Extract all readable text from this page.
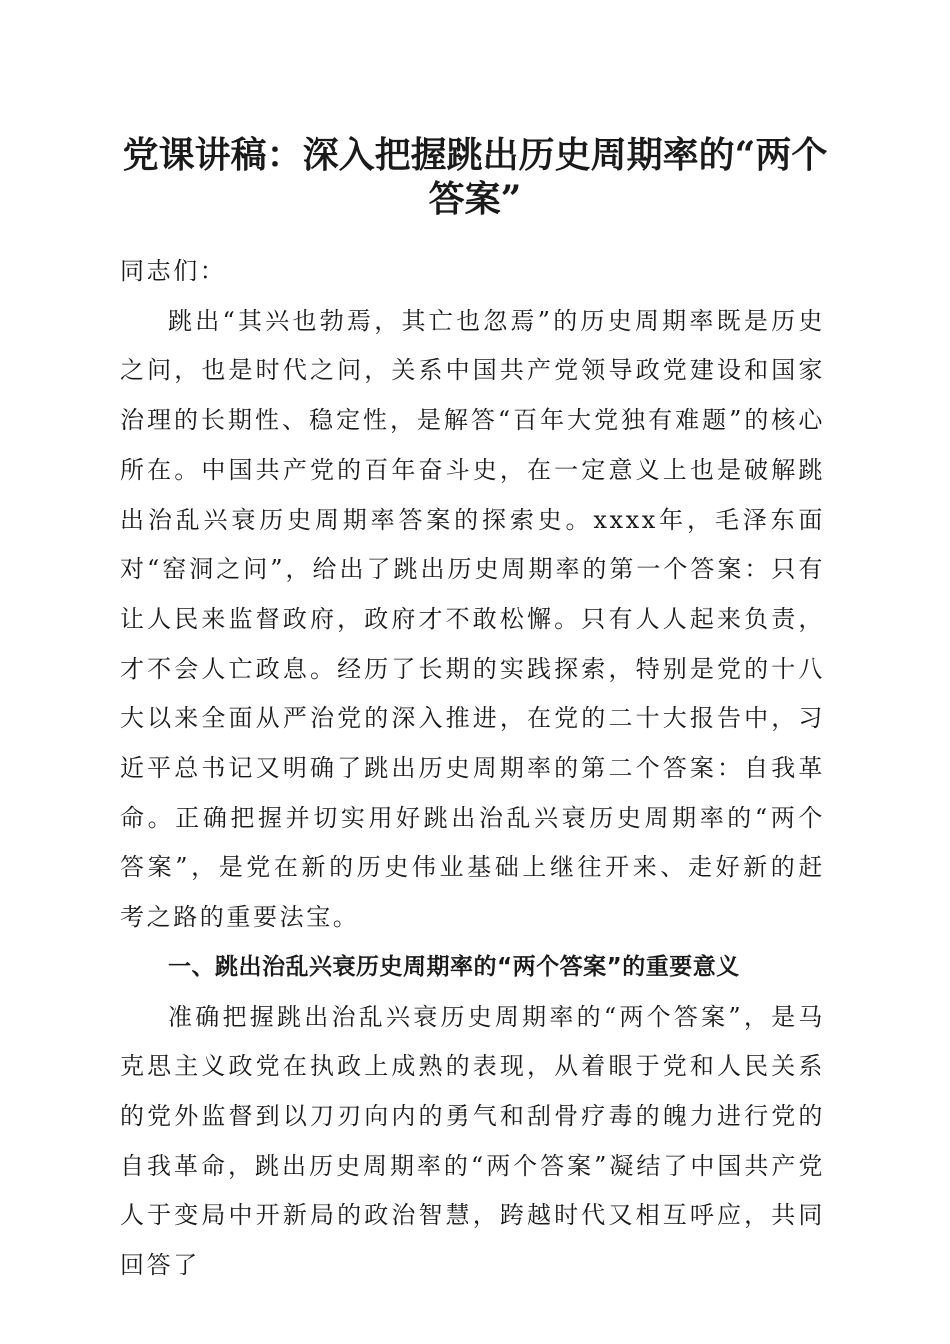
党课讲稿：深入把握跳出历史周期率的“两个
答案”

同志们：

跳出“其兴也勃焉，其亡也忽焉”的历史周期率既是历史之问，也是时代之问，关系中国共产党领导政党建设和国家治理的长期性、稳定性，是解答“百年大党独有难题”的核心所在。中国共产党的百年奋斗史，在一定意义上也是破解跳出治乱兴衰历史周期率答案的探索史。xxxx年，毛泽东面对“窑洞之问”，给出了跳出历史周期率的第一个答案：只有让人民来监督政府，政府才不敢松懈。只有人人起来负责，才不会人亡政息。经历了长期的实践探索，特别是党的十八大以来全面从严治党的深入推进，在党的二十大报告中，习近平总书记又明确了跳出历史周期率的第二个答案：自我革命。正确把握并切实用好跳出治乱兴衰历史周期率的“两个答案”，是党在新的历史伟业基础上继往开来、走好新的赶考之路的重要法宝。

一、跳出治乱兴衰历史周期率的“两个答案”的重要意义

准确把握跳出治乱兴衰历史周期率的“两个答案”，是马克思主义政党在执政上成熟的表现，从着眼于党和人民关系的党外监督到以刀刃向内的勇气和刮骨疗毒的魄力进行党的自我革命，跳出历史周期率的“两个答案”凝结了中国共产党人于变局中开新局的政治智慧，跨越时代又相互呼应，共同回答了
